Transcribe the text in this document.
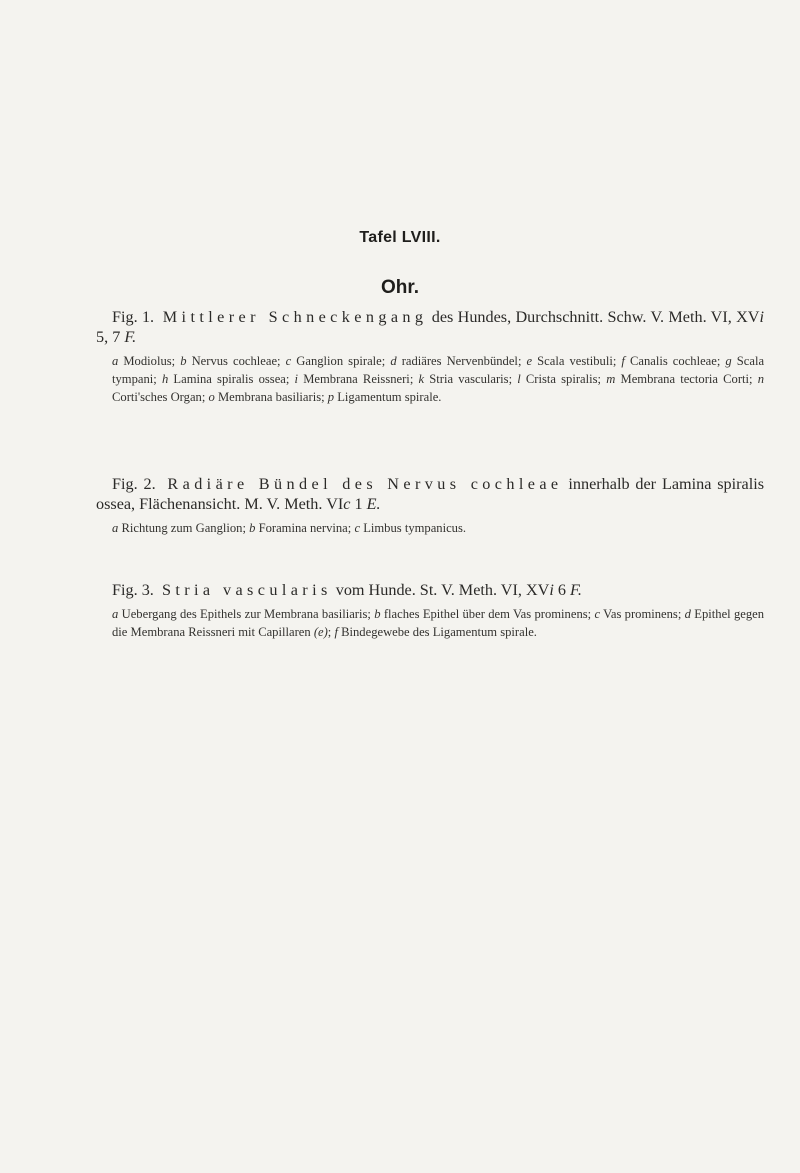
Tafel LVIII.
Ohr.

Fig. 1. Mittlerer Schneckengang des Hundes, Durchschnitt. Schw. V. Meth. VI, XVi 5, 7 F.

a Modiolus; b Nervus cochleae; c Ganglion spirale; d radiäres Nervenbündel; e Scala vestibuli; f Canalis cochleae; g Scala tympani; h Lamina spiralis ossea; i Membrana Reissneri; k Stria vascularis; l Crista spiralis; m Membrana tectoria Corti; n Corti'sches Organ; o Membrana basiliaris; p Ligamentum spirale.

Fig. 2. Radiäre Bündel des Nervus cochleae innerhalb der Lamina spiralis ossea, Flächenansicht. M. V. Meth. VIc 1 E.

a Richtung zum Ganglion; b Foramina nervina; c Limbus tympanicus.

Fig. 3. Stria vascularis vom Hunde. St. V. Meth. VI, XVi 6 F.

a Uebergang des Epithels zur Membrana basiliaris; b flaches Epithel über dem Vas prominens; c Vas prominens; d Epithel gegen die Membrana Reissneri mit Capillaren (e); f Bindegewebe des Ligamentum spirale.
